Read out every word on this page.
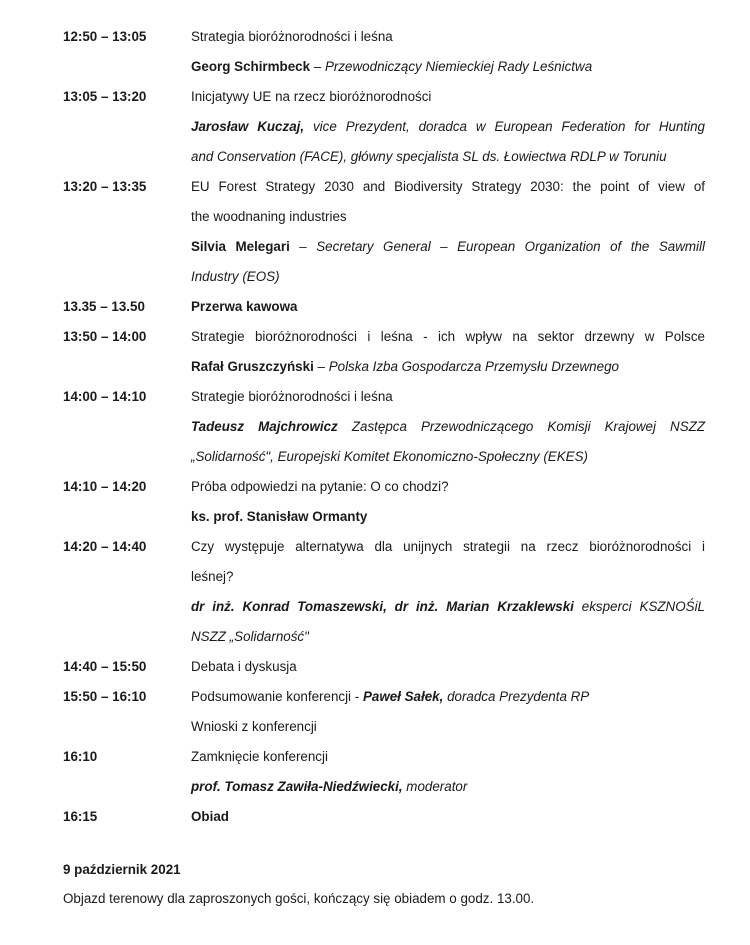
12:50 – 13:05	Strategia bioróżnorodności i leśna
Georg Schirmbeck – Przewodniczący Niemieckiej Rady Leśnictwa
13:05 – 13:20	Inicjatywy UE na rzecz bioróżnorodności
Jarosław Kuczaj, vice Prezydent, doradca w European Federation for Hunting
and Conservation (FACE), główny specjalista SL ds. Łowiectwa RDLP w Toruniu
13:20 – 13:35	EU Forest Strategy 2030 and Biodiversity Strategy 2030: the point of view of
the woodnaning industries
Silvia Melegari – Secretary General – European Organization of the Sawmill
Industry (EOS)
13.35 – 13.50	Przerwa kawowa
13:50 – 14:00	Strategie bioróżnorodności i leśna - ich wpływ na sektor drzewny w Polsce
Rafał Gruszczyński – Polska Izba Gospodarcza Przemysłu Drzewnego
14:00 – 14:10	Strategie bioróżnorodności i leśna
Tadeusz Majchrowicz Zastępca Przewodniczącego Komisji Krajowej NSZZ
„Solidarność", Europejski Komitet Ekonomiczno-Społeczny (EKES)
14:10 – 14:20	Próba odpowiedzi na pytanie: O co chodzi?
ks. prof. Stanisław Ormanty
14:20 – 14:40	Czy występuje alternatywa dla unijnych strategii na rzecz bioróżnorodności i
leśnej?
dr inż. Konrad Tomaszewski, dr inż. Marian Krzaklewski eksperci KSZNOŚiL
NSZZ „Solidarność"
14:40 – 15:50	Debata i dyskusja
15:50 – 16:10	Podsumowanie konferencji - Paweł Sałek, doradca Prezydenta RP
Wnioski z konferencji
16:10	Zamknięcie konferencji
prof. Tomasz Zawiła-Niedźwiecki, moderator
16:15	Obiad
9 październik 2021
Objazd terenowy dla zaproszonych gości, kończący się obiadem o godz. 13.00.
